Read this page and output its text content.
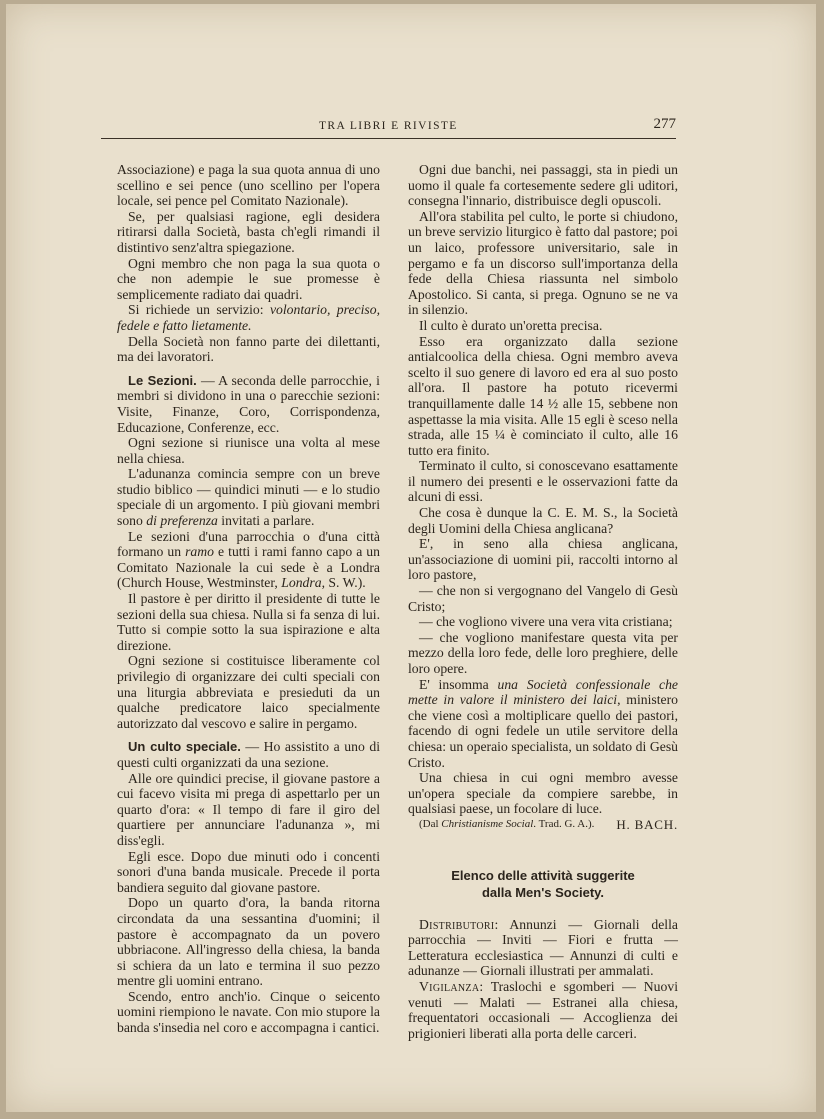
TRA LIBRI E RIVISTE	277

Associazione) e paga la sua quota annua di uno scellino e sei pence (uno scellino per l'opera locale, sei pence pel Comitato Nazionale).

Se, per qualsiasi ragione, egli desidera ritirarsi dalla Società, basta ch'egli rimandi il distintivo senz'altra spiegazione.

Ogni membro che non paga la sua quota o che non adempie le sue promesse è semplicemente radiato dai quadri.

Si richiede un servizio: volontario, preciso, fedele e fatto lietamente.

Della Società non fanno parte dei dilettanti, ma dei lavoratori.

Le Sezioni. — A seconda delle parrocchie, i membri si dividono in una o parecchie sezioni: Visite, Finanze, Coro, Corrispondenza, Educazione, Conferenze, ecc.

Ogni sezione si riunisce una volta al mese nella chiesa.

L'adunanza comincia sempre con un breve studio biblico — quindici minuti — e lo studio speciale di un argomento. I più giovani membri sono di preferenza invitati a parlare.

Le sezioni d'una parrocchia o d'una città formano un ramo e tutti i rami fanno capo a un Comitato Nazionale la cui sede è a Londra (Church House, Westminster, Londra, S. W.).

Il pastore è per diritto il presidente di tutte le sezioni della sua chiesa. Nulla si fa senza di lui. Tutto si compie sotto la sua ispirazione e alta direzione.

Ogni sezione si costituisce liberamente col privilegio di organizzare dei culti speciali con una liturgia abbreviata e presieduti da un qualche predicatore laico specialmente autorizzato dal vescovo e salire in pergamo.

Un culto speciale. — Ho assistito a uno di questi culti organizzati da una sezione.

Alle ore quindici precise, il giovane pastore a cui facevo visita mi prega di aspettarlo per un quarto d'ora: « Il tempo di fare il giro del quartiere per annunciare l'adunanza », mi diss'egli.

Egli esce. Dopo due minuti odo i concenti sonori d'una banda musicale. Precede il porta bandiera seguito dal giovane pastore.

Dopo un quarto d'ora, la banda ritorna circondata da una sessantina d'uomini; il pastore è accompagnato da un povero ubbriacone. All'ingresso della chiesa, la banda si schiera da un lato e termina il suo pezzo mentre gli uomini entrano.

Scendo, entro anch'io. Cinque o seicento uomini riempiono le navate. Con mio stupore la banda s'insedia nel coro e accompagna i cantici.

Ogni due banchi, nei passaggi, sta in piedi un uomo il quale fa cortesemente sedere gli uditori, consegna l'innario, distribuisce degli opuscoli.

All'ora stabilita pel culto, le porte si chiudono, un breve servizio liturgico è fatto dal pastore; poi un laico, professore universitario, sale in pergamo e fa un discorso sull'importanza della fede della Chiesa riassunta nel simbolo Apostolico. Si canta, si prega. Ognuno se ne va in silenzio.

Il culto è durato un'oretta precisa.

Esso era organizzato dalla sezione antialcoolica della chiesa. Ogni membro aveva scelto il suo genere di lavoro ed era al suo posto all'ora. Il pastore ha potuto ricevermi tranquillamente dalle 14 ½ alle 15, sebbene non aspettasse la mia visita. Alle 15 egli è sceso nella strada, alle 15 ¼ è cominciato il culto, alle 16 tutto era finito.

Terminato il culto, si conoscevano esattamente il numero dei presenti e le osservazioni fatte da alcuni di essi.

Che cosa è dunque la C. E. M. S., la Società degli Uomini della Chiesa anglicana?

E', in seno alla chiesa anglicana, un'associazione di uomini pii, raccolti intorno al loro pastore,

— che non si vergognano del Vangelo di Gesù Cristo;

— che vogliono vivere una vera vita cristiana;

— che vogliono manifestare questa vita per mezzo della loro fede, delle loro preghiere, delle loro opere.

E' insomma una Società confessionale che mette in valore il ministero dei laici, ministero che viene così a moltiplicare quello dei pastori, facendo di ogni fedele un utile servitore della chiesa: un operaio specialista, un soldato di Gesù Cristo.

Una chiesa in cui ogni membro avesse un'opera speciale da compiere sarebbe, in qualsiasi paese, un focolare di luce.

(Dal Christianisme Social. Trad. G. A.).	H. BACH.

Elenco delle attività suggerite
dalla Men's Society.

Distributori: Annunzi — Giornali della parrocchia — Inviti — Fiori e frutta — Letteratura ecclesiastica — Annunzi di culti e adunanze — Giornali illustrati per ammalati.

Vigilanza: Traslochi e sgomberi — Nuovi venuti — Malati — Estranei alla chiesa, frequentatori occasionali — Accoglienza dei prigionieri liberati alla porta delle carceri.
